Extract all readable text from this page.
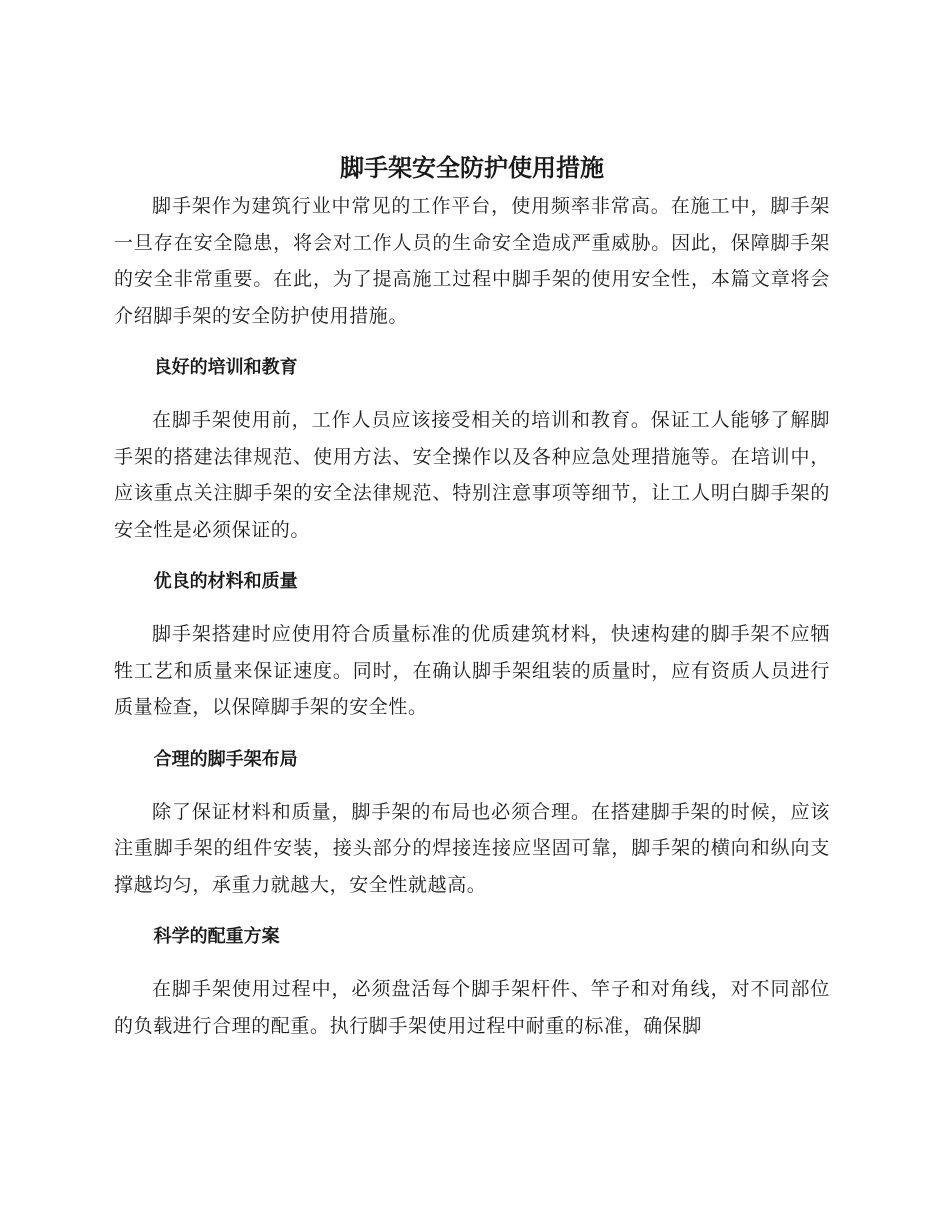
脚手架安全防护使用措施

脚手架作为建筑行业中常见的工作平台，使用频率非常高。在施工中，脚手架一旦存在安全隐患，将会对工作人员的生命安全造成严重威胁。因此，保障脚手架的安全非常重要。在此，为了提高施工过程中脚手架的使用安全性，本篇文章将会介绍脚手架的安全防护使用措施。

良好的培训和教育

在脚手架使用前，工作人员应该接受相关的培训和教育。保证工人能够了解脚手架的搭建法律规范、使用方法、安全操作以及各种应急处理措施等。在培训中，应该重点关注脚手架的安全法律规范、特别注意事项等细节，让工人明白脚手架的安全性是必须保证的。

优良的材料和质量

脚手架搭建时应使用符合质量标准的优质建筑材料，快速构建的脚手架不应牺牲工艺和质量来保证速度。同时，在确认脚手架组装的质量时，应有资质人员进行质量检查，以保障脚手架的安全性。

合理的脚手架布局

除了保证材料和质量，脚手架的布局也必须合理。在搭建脚手架的时候，应该注重脚手架的组件安装，接头部分的焊接连接应坚固可靠，脚手架的横向和纵向支撑越均匀，承重力就越大，安全性就越高。

科学的配重方案

在脚手架使用过程中，必须盘活每个脚手架杆件、竿子和对角线，对不同部位的负载进行合理的配重。执行脚手架使用过程中耐重的标准，确保脚
